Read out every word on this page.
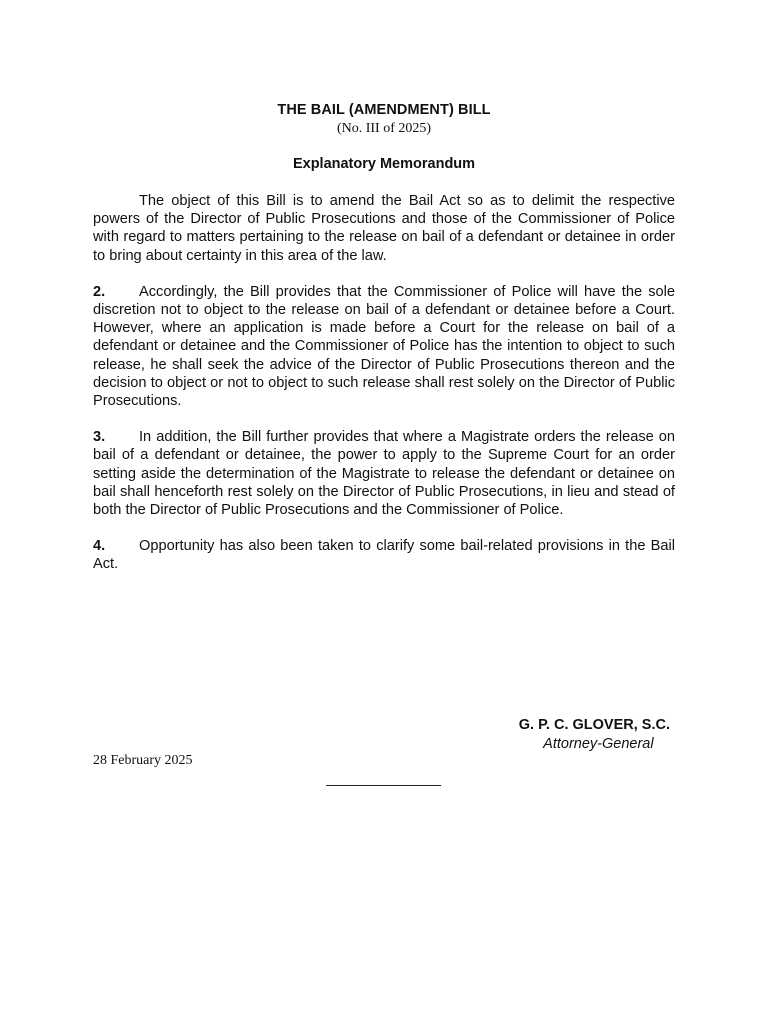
THE BAIL (AMENDMENT) BILL
(No. III of 2025)
Explanatory Memorandum

The object of this Bill is to amend the Bail Act so as to delimit the respective powers of the Director of Public Prosecutions and those of the Commissioner of Police with regard to matters pertaining to the release on bail of a defendant or detainee in order to bring about certainty in this area of the law.

2. Accordingly, the Bill provides that the Commissioner of Police will have the sole discretion not to object to the release on bail of a defendant or detainee before a Court. However, where an application is made before a Court for the release on bail of a defendant or detainee and the Commissioner of Police has the intention to object to such release, he shall seek the advice of the Director of Public Prosecutions thereon and the decision to object or not to object to such release shall rest solely on the Director of Public Prosecutions.

3. In addition, the Bill further provides that where a Magistrate orders the release on bail of a defendant or detainee, the power to apply to the Supreme Court for an order setting aside the determination of the Magistrate to release the defendant or detainee on bail shall henceforth rest solely on the Director of Public Prosecutions, in lieu and stead of both the Director of Public Prosecutions and the Commissioner of Police.

4. Opportunity has also been taken to clarify some bail-related provisions in the Bail Act.

G. P. C. GLOVER, S.C.
Attorney-General
28 February 2025
